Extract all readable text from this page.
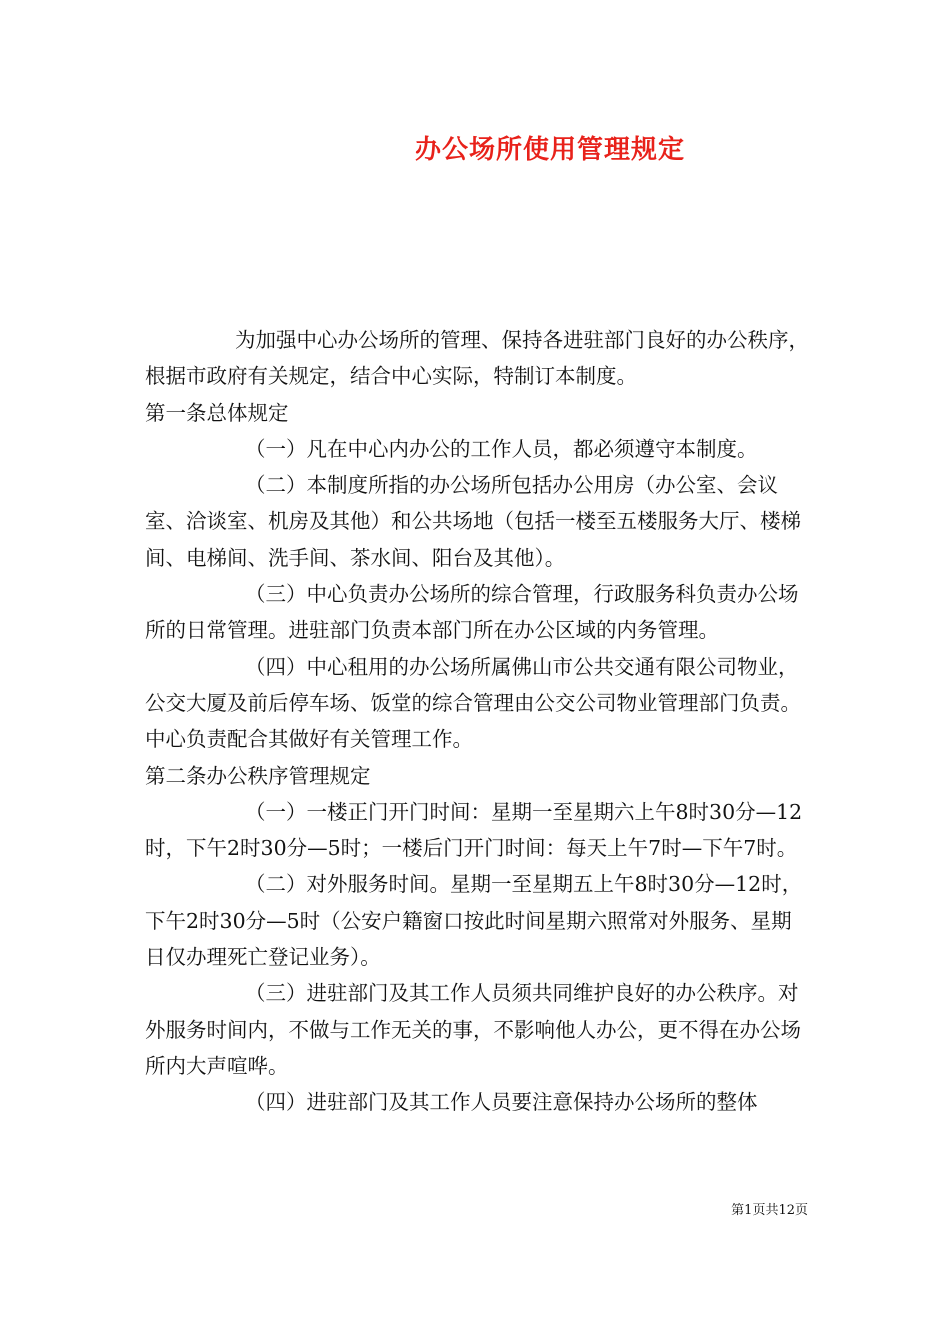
办公场所使用管理规定

为加强中心办公场所的管理、保持各进驻部门良好的办公秩序，根据市政府有关规定，结合中心实际，特制订本制度。

第一条总体规定

（一）凡在中心内办公的工作人员，都必须遵守本制度。

（二）本制度所指的办公场所包括办公用房（办公室、会议室、洽谈室、机房及其他）和公共场地（包括一楼至五楼服务大厅、楼梯间、电梯间、洗手间、茶水间、阳台及其他）。

（三）中心负责办公场所的综合管理，行政服务科负责办公场所的日常管理。进驻部门负责本部门所在办公区域的内务管理。

（四）中心租用的办公场所属佛山市公共交通有限公司物业，公交大厦及前后停车场、饭堂的综合管理由公交公司物业管理部门负责。中心负责配合其做好有关管理工作。

第二条办公秩序管理规定

（一）一楼正门开门时间：星期一至星期六上午8时30分—12时，下午2时30分—5时；一楼后门开门时间：每天上午7时—下午7时。

（二）对外服务时间。星期一至星期五上午8时30分—12时，下午2时30分—5时（公安户籍窗口按此时间星期六照常对外服务、星期日仅办理死亡登记业务）。

（三）进驻部门及其工作人员须共同维护良好的办公秩序。对外服务时间内，不做与工作无关的事，不影响他人办公，更不得在办公场所内大声喧哗。

（四）进驻部门及其工作人员要注意保持办公场所的整体

第1页共12页
